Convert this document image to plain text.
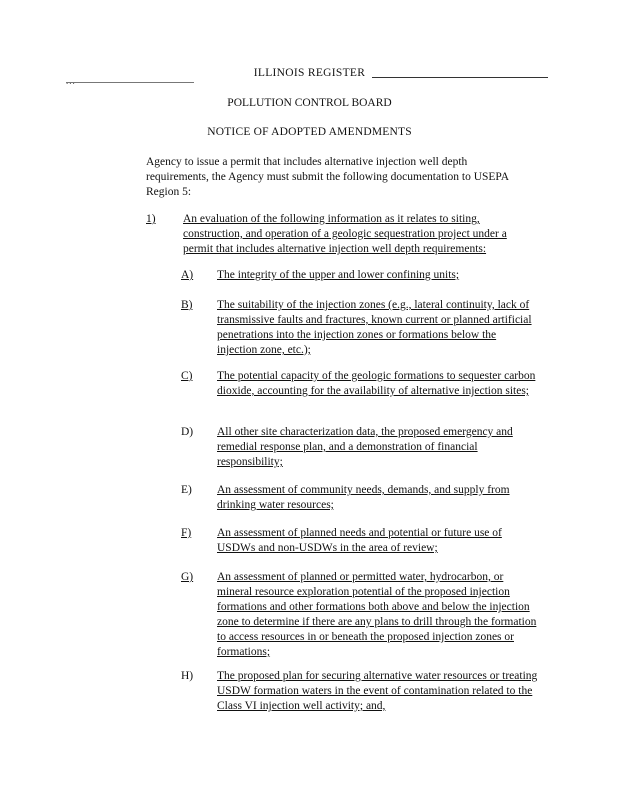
...
ILLINOIS REGISTER
POLLUTION CONTROL BOARD
NOTICE OF ADOPTED AMENDMENTS
Agency to issue a permit that includes alternative injection well depth requirements, the Agency must submit the following documentation to USEPA Region 5:
1) An evaluation of the following information as it relates to siting, construction, and operation of a geologic sequestration project under a permit that includes alternative injection well depth requirements:
A) The integrity of the upper and lower confining units;
B) The suitability of the injection zones (e.g., lateral continuity, lack of transmissive faults and fractures, known current or planned artificial penetrations into the injection zones or formations below the injection zone, etc.);
C) The potential capacity of the geologic formations to sequester carbon dioxide, accounting for the availability of alternative injection sites;
D) All other site characterization data, the proposed emergency and remedial response plan, and a demonstration of financial responsibility;
E) An assessment of community needs, demands, and supply from drinking water resources;
F) An assessment of planned needs and potential or future use of USDWs and non-USDWs in the area of review;
G) An assessment of planned or permitted water, hydrocarbon, or mineral resource exploration potential of the proposed injection formations and other formations both above and below the injection zone to determine if there are any plans to drill through the formation to access resources in or beneath the proposed injection zones or formations;
H) The proposed plan for securing alternative water resources or treating USDW formation waters in the event of contamination related to the Class VI injection well activity; and,
